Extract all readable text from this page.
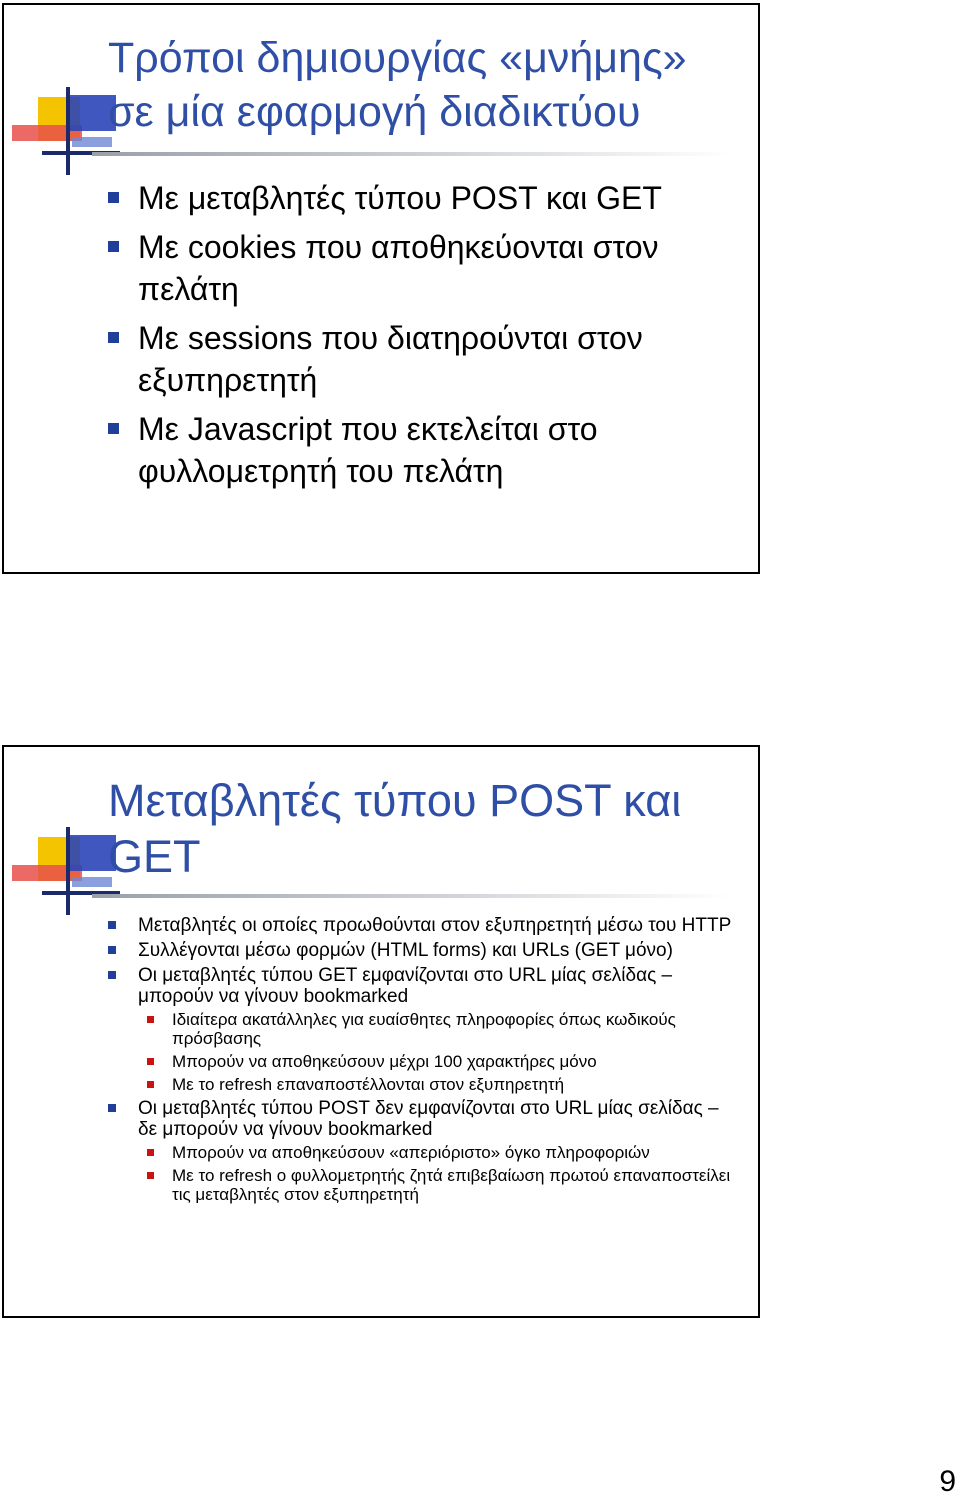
Τρόποι δημιουργίας «μνήμης» σε μία εφαρμογή διαδικτύου
Με μεταβλητές τύπου POST και GET
Με cookies που αποθηκεύονται στον πελάτη
Με sessions που διατηρούνται στον εξυπηρετητή
Με Javascript που εκτελείται στο φυλλομετρητή του πελάτη
Μεταβλητές τύπου POST και GET
Μεταβλητές οι οποίες προωθούνται στον εξυπηρετητή μέσω του HTTP
Συλλέγονται μέσω φορμών (HTML forms) και URLs (GET μόνο)
Οι μεταβλητές τύπου GET εμφανίζονται στο URL μίας σελίδας – μπορούν να γίνουν bookmarked
Ιδιαίτερα ακατάλληλες για ευαίσθητες πληροφορίες όπως κωδικούς πρόσβασης
Μπορούν να αποθηκεύσουν μέχρι 100 χαρακτήρες μόνο
Με το refresh επαναποστέλλονται στον εξυπηρετητή
Οι μεταβλητές τύπου POST δεν εμφανίζονται στο URL μίας σελίδας – δε μπορούν να γίνουν bookmarked
Μπορούν να αποθηκεύσουν «απεριόριστο» όγκο πληροφοριών
Με το refresh ο φυλλομετρητής ζητά επιβεβαίωση πρωτού επαναποστείλει τις μεταβλητές στον εξυπηρετητή
9
